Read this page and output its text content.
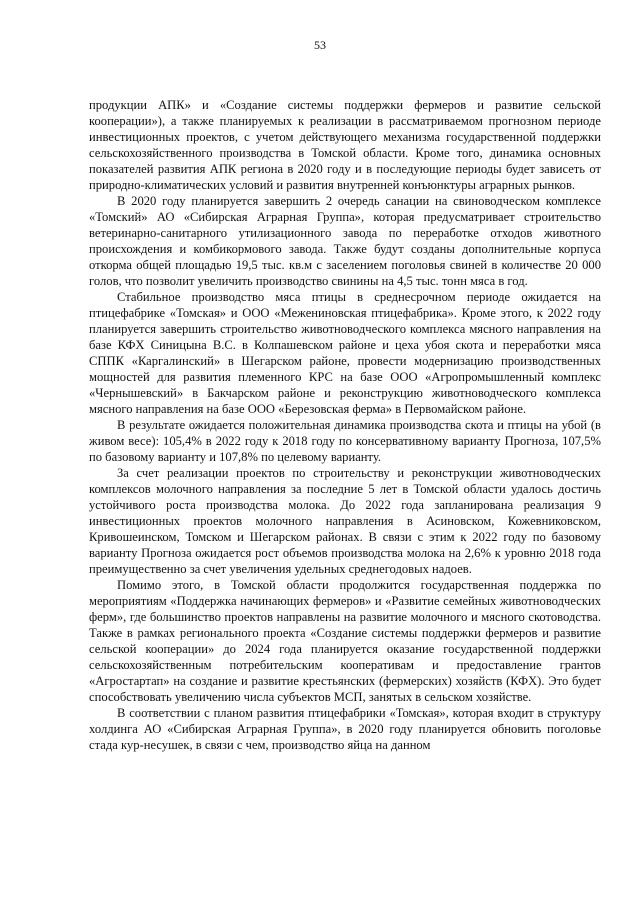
53

продукции АПК» и «Создание системы поддержки фермеров и развитие сельской кооперации»), а также планируемых к реализации в рассматриваемом прогнозном периоде инвестиционных проектов, с учетом действующего механизма государственной поддержки сельскохозяйственного производства в Томской области. Кроме того, динамика основных показателей развития АПК региона в 2020 году и в последующие периоды будет зависеть от природно-климатических условий и развития внутренней конъюнктуры аграрных рынков.

В 2020 году планируется завершить 2 очередь санации на свиноводческом комплексе «Томский» АО «Сибирская Аграрная Группа», которая предусматривает строительство ветеринарно-санитарного утилизационного завода по переработке отходов животного происхождения и комбикормового завода. Также будут созданы дополнительные корпуса откорма общей площадью 19,5 тыс. кв.м с заселением поголовья свиней в количестве 20 000 голов, что позволит увеличить производство свинины на 4,5 тыс. тонн мяса в год.

Стабильное производство мяса птицы в среднесрочном периоде ожидается на птицефабрике «Томская» и ООО «Межениновская птицефабрика». Кроме этого, к 2022 году планируется завершить строительство животноводческого комплекса мясного направления на базе КФХ Синицына В.С. в Колпашевском районе и цеха убоя скота и переработки мяса СППК «Каргалинский» в Шегарском районе, провести модернизацию производственных мощностей для развития племенного КРС на базе ООО «Агропромышленный комплекс «Чернышевский» в Бакчарском районе и реконструкцию животноводческого комплекса мясного направления на базе ООО «Березовская ферма» в Первомайском районе.

В результате ожидается положительная динамика производства скота и птицы на убой (в живом весе): 105,4% в 2022 году к 2018 году по консервативному варианту Прогноза, 107,5% по базовому варианту и 107,8% по целевому варианту.

За счет реализации проектов по строительству и реконструкции животноводческих комплексов молочного направления за последние 5 лет в Томской области удалось достичь устойчивого роста производства молока. До 2022 года запланирована реализация 9 инвестиционных проектов молочного направления в Асиновском, Кожевниковском, Кривошеинском, Томском и Шегарском районах. В связи с этим к 2022 году по базовому варианту Прогноза ожидается рост объемов производства молока на 2,6% к уровню 2018 года преимущественно за счет увеличения удельных среднегодовых надоев.

Помимо этого, в Томской области продолжится государственная поддержка по мероприятиям «Поддержка начинающих фермеров» и «Развитие семейных животноводческих ферм», где большинство проектов направлены на развитие молочного и мясного скотоводства. Также в рамках регионального проекта «Создание системы поддержки фермеров и развитие сельской кооперации» до 2024 года планируется оказание государственной поддержки сельскохозяйственным потребительским кооперативам и предоставление грантов «Агростартап» на создание и развитие крестьянских (фермерских) хозяйств (КФХ). Это будет способствовать увеличению числа субъектов МСП, занятых в сельском хозяйстве.

В соответствии с планом развития птицефабрики «Томская», которая входит в структуру холдинга АО «Сибирская Аграрная Группа», в 2020 году планируется обновить поголовье стада кур-несушек, в связи с чем, производство яйца на данном
